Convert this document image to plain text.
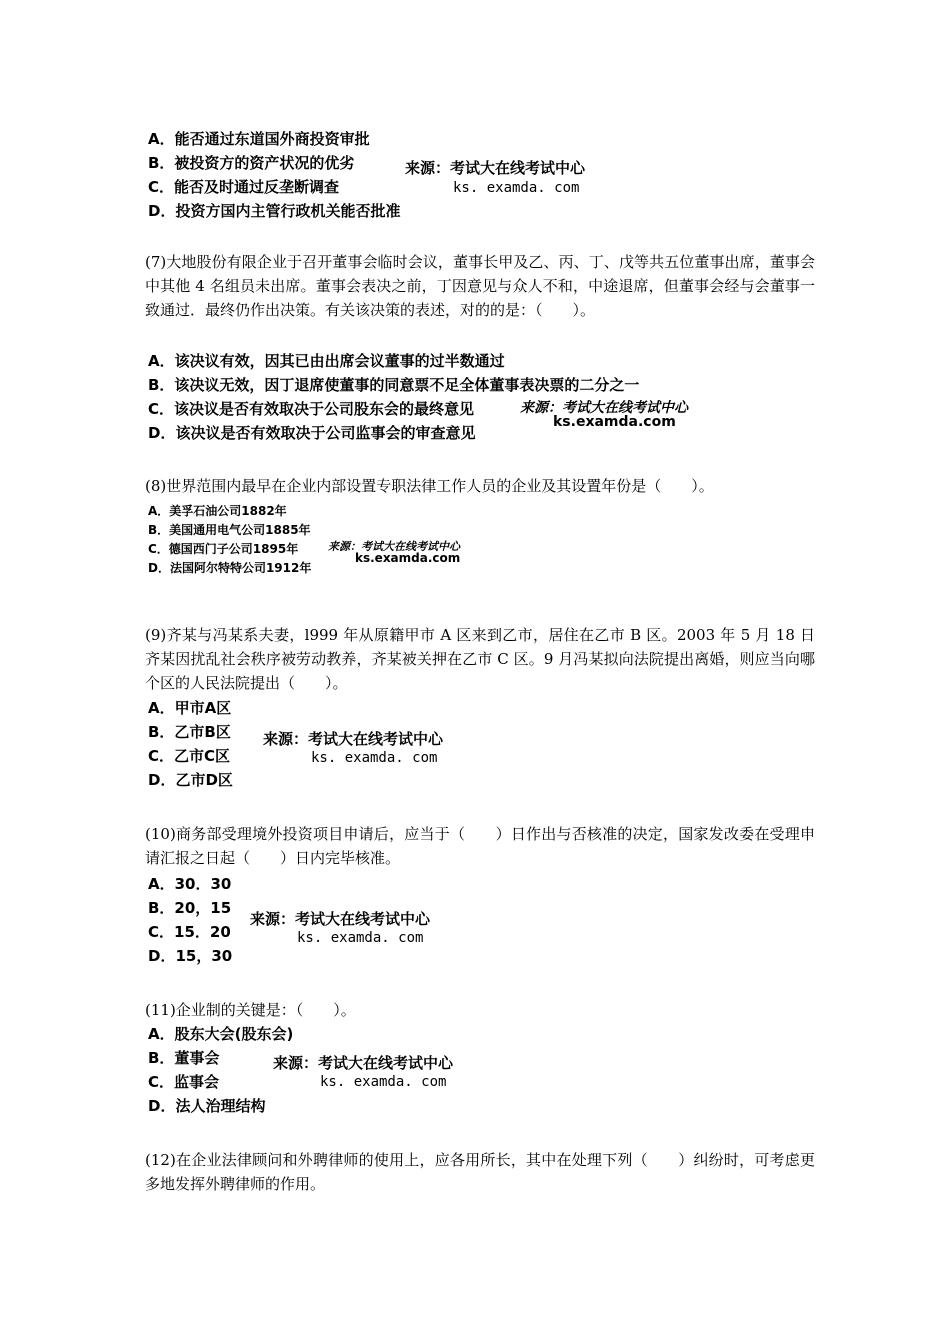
A．能否通过东道国外商投资审批
B．被投资方的资产状况的优劣
C．能否及时通过反垄断调查
D．投资方国内主管行政机关能否批准
来源：考试大在线考试中心
ks. examda. com

(7)大地股份有限企业于召开董事会临时会议，董事长甲及乙、丙、丁、戊等共五位董事出席，董事会中其他 4 名组员未出席。董事会表决之前，丁因意见与众人不和，中途退席，但董事会经与会董事一致通过．最终仍作出决策。有关该决策的表述，对的的是：（　　）。

A．该决议有效，因其已由出席会议董事的过半数通过
B．该决议无效，因丁退席使董事的同意票不足全体董事表决票的二分之一
C．该决议是否有效取决于公司股东会的最终意见
D．该决议是否有效取决于公司监事会的审查意见
来源：考试大在线考试中心
ks.examda.com

(8)世界范围内最早在企业内部设置专职法律工作人员的企业及其设置年份是（　　）。

A．美孚石油公司1882年
B．美国通用电气公司1885年
C．德国西门子公司1895年
D．法国阿尔特特公司1912年
来源：考试大在线考试中心
ks.examda.com

(9)齐某与冯某系夫妻，l999 年从原籍甲市 A 区来到乙市，居住在乙市 B 区。2003 年 5 月 18 日齐某因扰乱社会秩序被劳动教养，齐某被关押在乙市 C 区。9 月冯某拟向法院提出离婚，则应当向哪个区的人民法院提出（　　）。

A．甲市A区
B．乙市B区
C．乙市C区
D．乙市D区
来源：考试大在线考试中心
ks. examda. com

(10)商务部受理境外投资项目申请后，应当于（　　）日作出与否核准的决定，国家发改委在受理申请汇报之日起（　　）日内完毕核准。

A．30．30
B．20，15
C．15．20
D．15，30
来源：考试大在线考试中心
ks. examda. com

(11)企业制的关键是：（　　）。

A．股东大会(股东会)
B．董事会
C．监事会
D．法人治理结构
来源：考试大在线考试中心
ks. examda. com

(12)在企业法律顾问和外聘律师的使用上，应各用所长，其中在处理下列（　　）纠纷时，可考虑更多地发挥外聘律师的作用。
